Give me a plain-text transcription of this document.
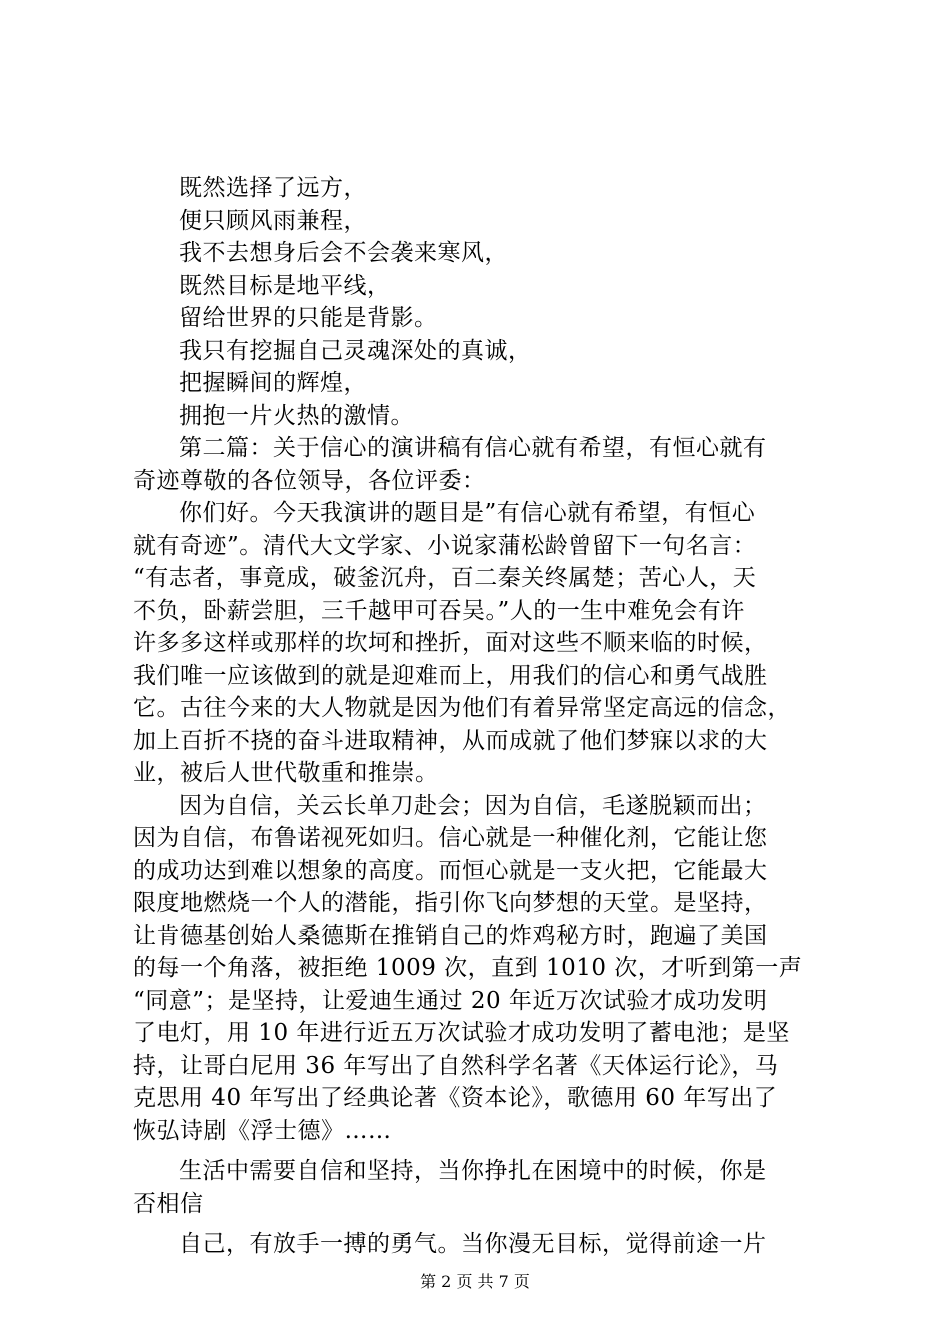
既然选择了远方，
便只顾风雨兼程，
我不去想身后会不会袭来寒风，
既然目标是地平线，
留给世界的只能是背影。
我只有挖掘自己灵魂深处的真诚，
把握瞬间的辉煌，
拥抱一片火热的激情。
第二篇：关于信心的演讲稿有信心就有希望，有恒心就有
奇迹尊敬的各位领导，各位评委：
你们好。今天我演讲的题目是”有信心就有希望，有恒心
就有奇迹”。清代大文学家、小说家蒲松龄曾留下一句名言：
“有志者，事竟成，破釜沉舟，百二秦关终属楚；苦心人，天
不负，卧薪尝胆，三千越甲可吞吴。”人的一生中难免会有许
许多多这样或那样的坎坷和挫折，面对这些不顺来临的时候，
我们唯一应该做到的就是迎难而上，用我们的信心和勇气战胜
它。古往今来的大人物就是因为他们有着异常坚定高远的信念，
加上百折不挠的奋斗进取精神，从而成就了他们梦寐以求的大
业，被后人世代敬重和推崇。
因为自信，关云长单刀赴会；因为自信，毛遂脱颖而出；
因为自信，布鲁诺视死如归。信心就是一种催化剂，它能让您
的成功达到难以想象的高度。而恒心就是一支火把，它能最大
限度地燃烧一个人的潜能，指引你飞向梦想的天堂。是坚持，
让肯德基创始人桑德斯在推销自己的炸鸡秘方时，跑遍了美国
的每一个角落，被拒绝 1009 次，直到 1010 次，才听到第一声
“同意”；是坚持，让爱迪生通过 20 年近万次试验才成功发明
了电灯，用 10 年进行近五万次试验才成功发明了蓄电池；是坚
持，让哥白尼用 36 年写出了自然科学名著《天体运行论》，马
克思用 40 年写出了经典论著《资本论》，歌德用 60 年写出了
恢弘诗剧《浮士德》……
生活中需要自信和坚持，当你挣扎在困境中的时候，你是
否相信
自己，有放手一搏的勇气。当你漫无目标，觉得前途一片
第 2 页 共 7 页
